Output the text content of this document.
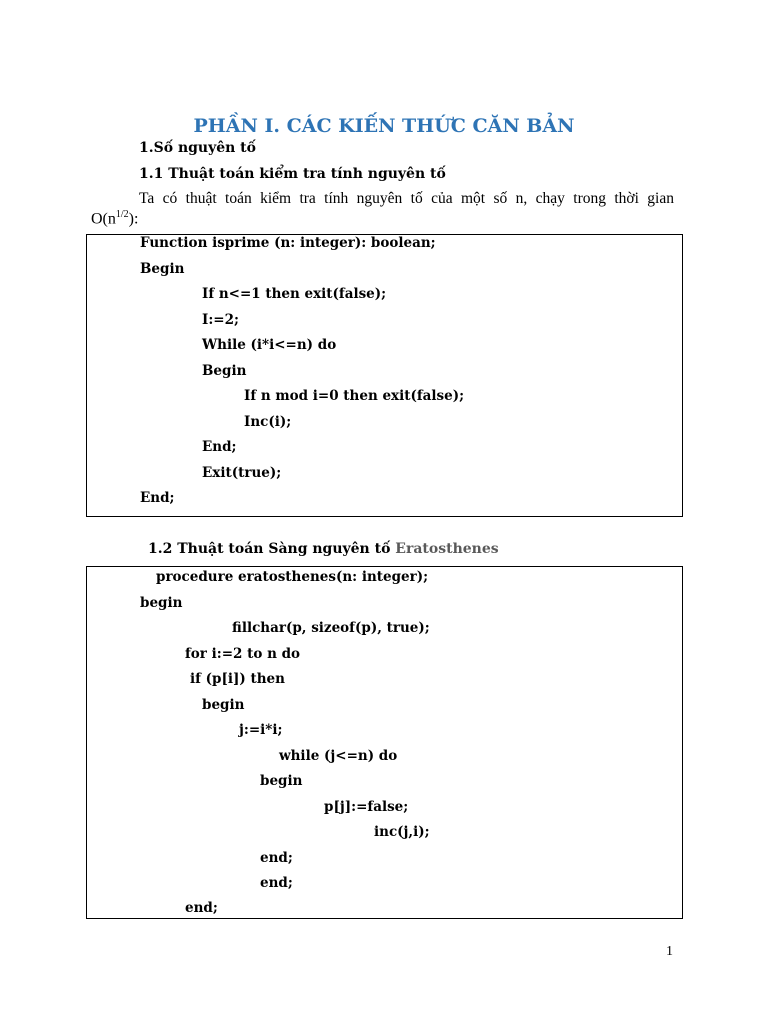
PHẦN I. CÁC KIẾN THỨC CĂN BẢN
1.Số nguyên tố
1.1 Thuật toán kiểm tra tính nguyên tố
Ta có thuật toán kiểm tra tính nguyên tố của một số n, chạy trong thời gian
$O(n^{1/2})$:
Function isprime (n: integer): boolean;
Begin
If n<=1 then exit(false);
I:=2;
While (i*i<=n) do
Begin
If n mod i=0 then exit(false);
Inc(i);
End;
Exit(true);
End;
1.2 Thuật toán Sàng nguyên tố Eratosthenes
procedure eratosthenes(n: integer);
begin
fillchar(p, sizeof(p), true);
for i:=2 to n do
if (p[i]) then
begin
j:=i*i;
while (j<=n) do
begin
p[j]:=false;
inc(j,i);
end;
end;
end;
1
